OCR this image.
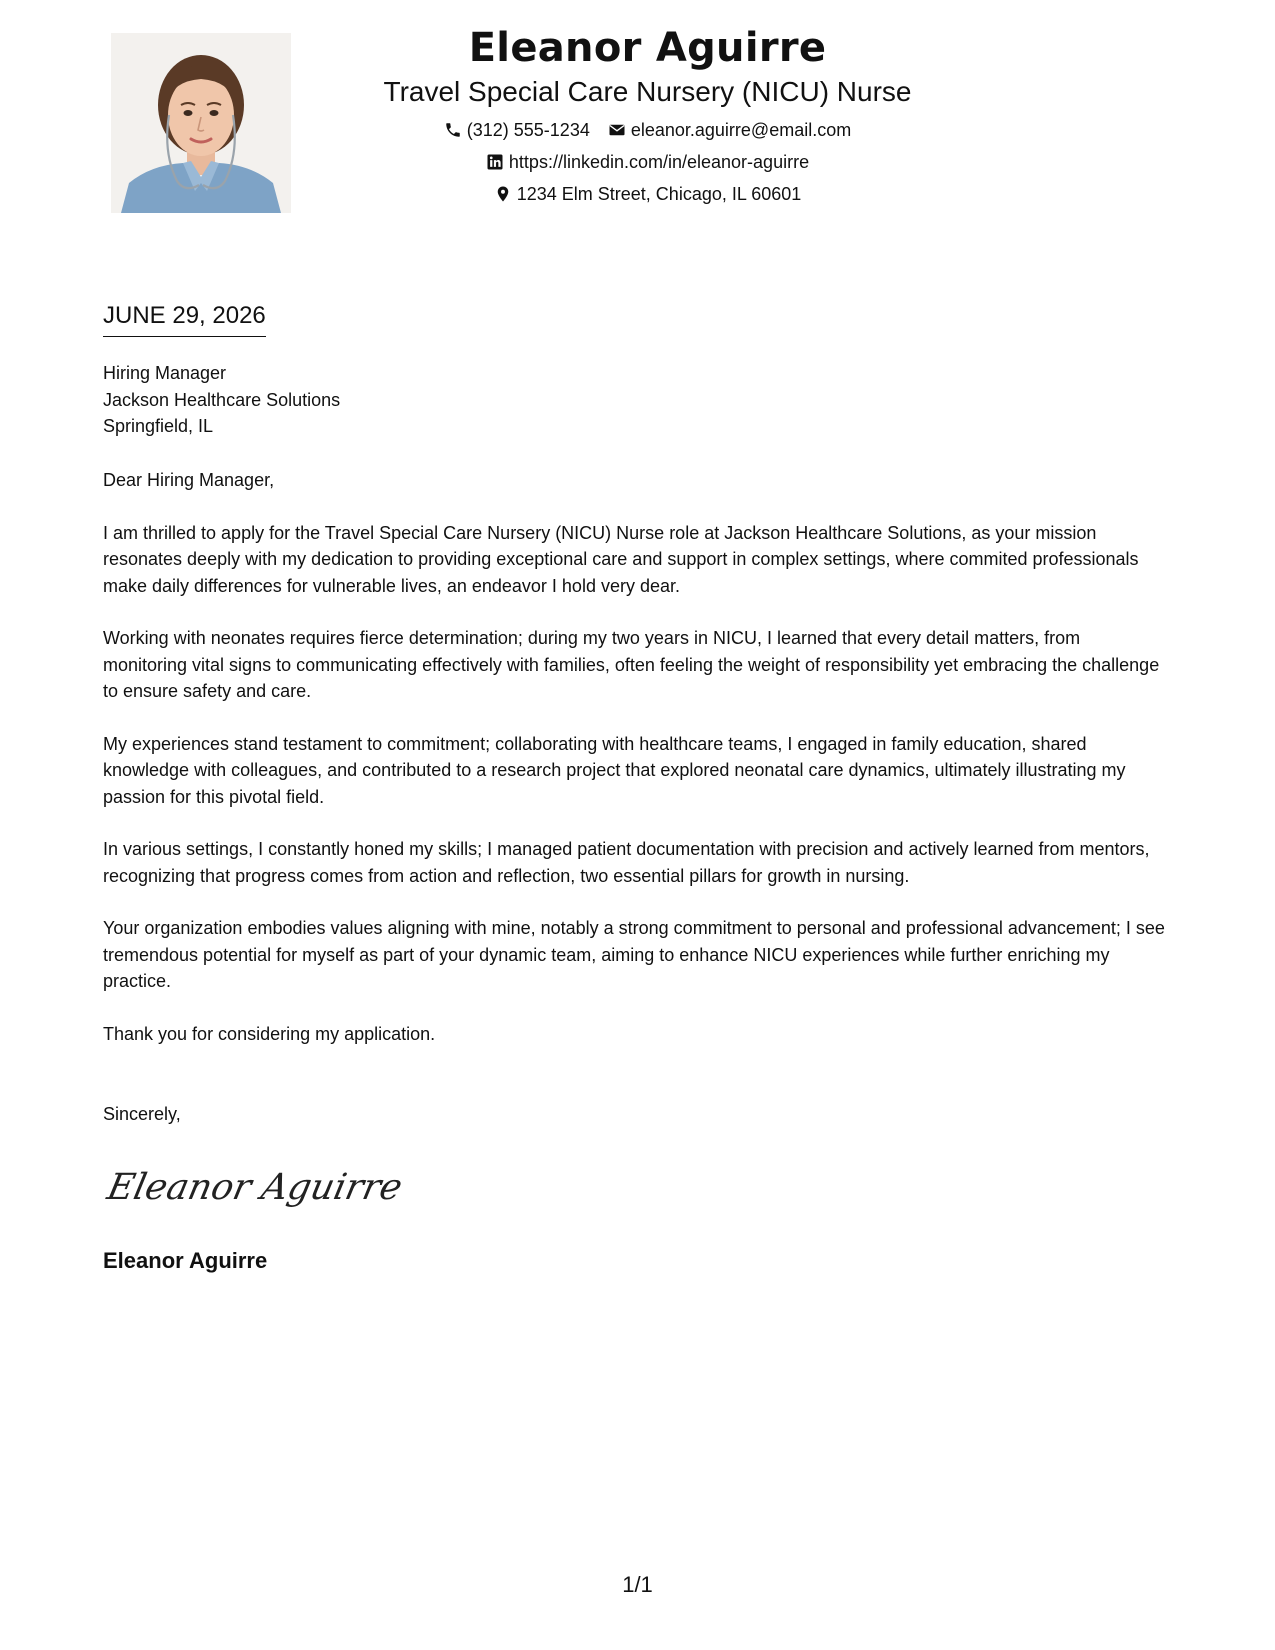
Eleanor Aguirre
Travel Special Care Nursery (NICU) Nurse
(312) 555-1234 eleanor.aguirre@email.com
https://linkedin.com/in/eleanor-aguirre
1234 Elm Street, Chicago, IL 60601
JUNE 29, 2026
Hiring Manager
Jackson Healthcare Solutions
Springfield, IL

Dear Hiring Manager,

I am thrilled to apply for the Travel Special Care Nursery (NICU) Nurse role at Jackson Healthcare Solutions, as your mission resonates deeply with my dedication to providing exceptional care and support in complex settings, where commited professionals make daily differences for vulnerable lives, an endeavor I hold very dear.

Working with neonates requires fierce determination; during my two years in NICU, I learned that every detail matters, from monitoring vital signs to communicating effectively with families, often feeling the weight of responsibility yet embracing the challenge to ensure safety and care.

My experiences stand testament to commitment; collaborating with healthcare teams, I engaged in family education, shared knowledge with colleagues, and contributed to a research project that explored neonatal care dynamics, ultimately illustrating my passion for this pivotal field.

In various settings, I constantly honed my skills; I managed patient documentation with precision and actively learned from mentors, recognizing that progress comes from action and reflection, two essential pillars for growth in nursing.

Your organization embodies values aligning with mine, notably a strong commitment to personal and professional advancement; I see tremendous potential for myself as part of your dynamic team, aiming to enhance NICU experiences while further enriching my practice.

Thank you for considering my application.

Sincerely,
Eleanor Aguirre
Eleanor Aguirre
1/1
